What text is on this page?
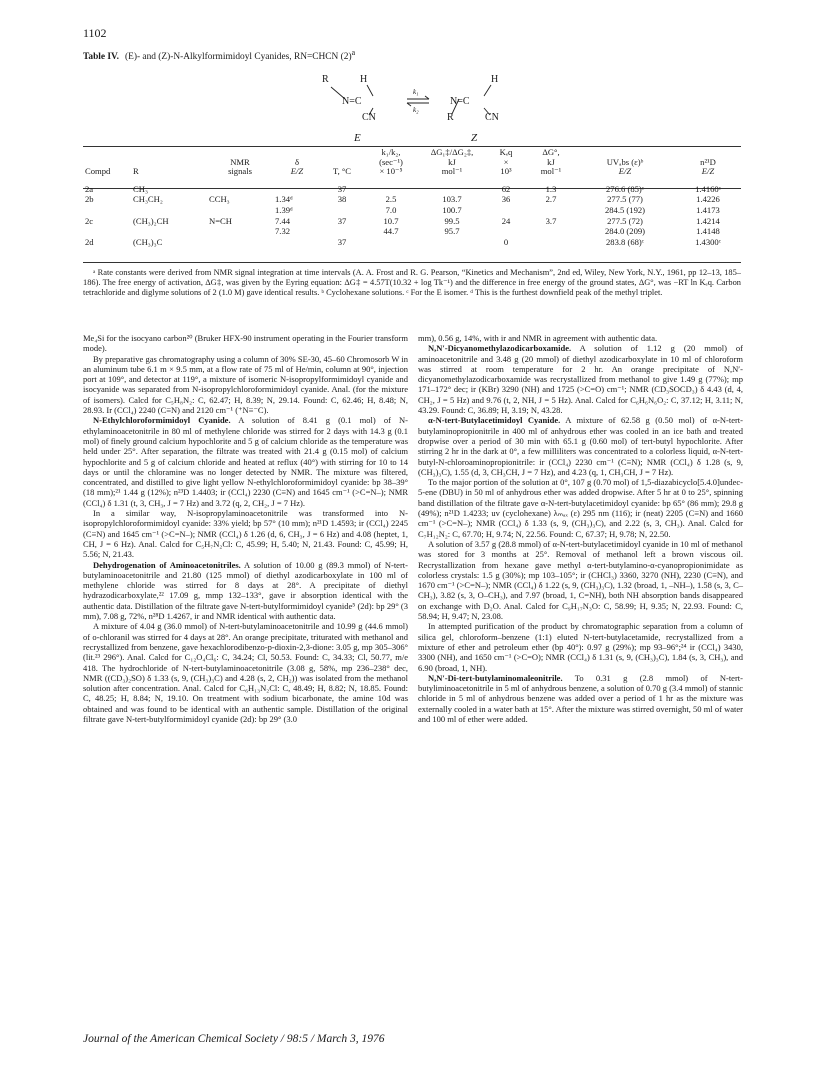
1102
Table IV. (E)- and (Z)-N-Alkylformimidoyl Cyanides, RN=CHCN $(2)^a$
R	H
N=C
CN
E
k₁
k₂
N=C
H
R	CN
Z
					k₁/k₂,	ΔG₁‡/ΔG₂‡,	Kₑq	ΔG°,		
		NMR	δ		(sec⁻¹)	kJ	×	kJ	UVₐbs (ε)ᵇ	n²¹D
Compd	R	signals	E/Z	T, °C	× 10⁻⁵	mol⁻¹	10³	mol⁻¹	E/Z	E/Z
2a	CH₃			37			62	1.3	276.6 (85)ᶜ	1.4160ᶜ
2b	CH₃CH₂	CCH₃	1.34ᵈ	38	2.5	103.7	36	2.7	277.5 (77)	1.4226
			1.39ᵈ		7.0	100.7			284.5 (192)	1.4173
2c	(CH₃)₂CH	N=CH	7.44	37	10.7	99.5	24	3.7	277.5 (72)	1.4214
			7.32		44.7	95.7			284.0 (209)	1.4148
2d	(CH₃)₃C			37			0		283.8 (68)ᶜ	1.4300ᶜ
ᵃ Rate constants were derived from NMR signal integration at time intervals (A. A. Frost and R. G. Pearson, “Kinetics and Mechanism”, 2nd ed, Wiley, New York, N.Y., 1961, pp 12–13, 185–186). The free energy of activation, ΔG‡, was given by the Eyring equation: ΔG‡ = 4.57T(10.32 + log Tk⁻¹) and the difference in free energy of the ground states, ΔG°, was −RT ln Kₑq. Carbon tetrachloride and diglyme solutions of 2 (1.0 M) gave identical results. ᵇ Cyclohexane solutions. ᶜ For the E isomer. ᵈ This is the furthest downfield peak of the methyl triplet.

Me₄Si for the isocyano carbon²⁰ (Bruker HFX-90 instrument operating in the Fourier transform mode).

By preparative gas chromatography using a column of 30% SE-30, 45–60 Chromosorb W in an aluminum tube 6.1 m × 9.5 mm, at a flow rate of 75 ml of He/min, column at 90°, injection port at 109°, and detector at 119°, a mixture of isomeric N-isopropylformimidoyl cyanide and isocyanide was separated from N-isopropylchloroformimidoyl cyanide. Anal. (for the mixture of isomers). Calcd for C₅H₈N₂: C, 62.47; H, 8.39; N, 29.14. Found: C, 62.46; H, 8.48; N, 28.93. Ir (CCl₄) 2240 (C≡N) and 2120 cm⁻¹ (⁺N≡⁻C).

N-Ethylchloroformimidoyl Cyanide. A solution of 8.41 g (0.1 mol) of N-ethylaminoacetonitrile in 80 ml of methylene chloride was stirred for 2 days with 14.3 g (0.1 mol) of finely ground calcium hypochlorite and 5 g of calcium chloride as the temperature was held under 25°. After separation, the filtrate was treated with 21.4 g (0.15 mol) of calcium hypochlorite and 5 g of calcium chloride and heated at reflux (40°) with stirring for 10 to 14 days or until the chloramine was no longer detected by NMR. The mixture was filtered, concentrated, and distilled to give light yellow N-ethylchloroformimidoyl cyanide: bp 38–39° (18 mm);²¹ 1.44 g (12%); n²³D 1.4403; ir (CCl₄) 2230 (C≡N) and 1645 cm⁻¹ (>C=N–); NMR (CCl₄) δ 1.31 (t, 3, CH₃, J = 7 Hz) and 3.72 (q, 2, CH₂, J = 7 Hz).

In a similar way, N-isopropylaminoacetonitrile was transformed into N-isopropylchloroformimidoyl cyanide: 33% yield; bp 57° (10 mm); n²¹D 1.4593; ir (CCl₄) 2245 (C≡N) and 1645 cm⁻¹ (>C=N–); NMR (CCl₄) δ 1.26 (d, 6, CH₃, J = 6 Hz) and 4.08 (heptet, 1, CH, J = 6 Hz). Anal. Calcd for C₅H₇N₂Cl: C, 45.99; H, 5.40; N, 21.43. Found: C, 45.99; H, 5.56; N, 21.43.

Dehydrogenation of Aminoacetonitriles. A solution of 10.00 g (89.3 mmol) of N-tert-butylaminoacetonitrile and 21.80 (125 mmol) of diethyl azodicarboxylate in 100 ml of methylene chloride was stirred for 8 days at 28°. A precipitate of diethyl hydrazodicarboxylate,²² 17.09 g, mmp 132–133°, gave ir absorption identical with the authentic data. Distillation of the filtrate gave N-tert-butylformimidoyl cyanide⁵ (2d): bp 29° (3 mm), 7.08 g, 72%, n²⁸D 1.4267, ir and NMR identical with authentic data.

A mixture of 4.04 g (36.0 mmol) of N-tert-butylaminoacetonitrile and 10.99 g (44.6 mmol) of o-chloranil was stirred for 4 days at 28°. An orange precipitate, triturated with methanol and recrystallized from benzene, gave hexachlorodibenzo-p-dioxin-2,3-dione: 3.05 g, mp 305–306° (lit.²³ 296°). Anal. Calcd for C₁₂O₄Cl₆: C, 34.24; Cl, 50.53. Found: C, 34.33; Cl, 50.77, m/e 418. The hydrochloride of N-tert-butylaminoacetonitrile (3.08 g, 58%, mp 236–238° dec, NMR ((CD₃)₂SO) δ 1.33 (s, 9, (CH₃)₃C) and 4.28 (s, 2, CH₂)) was isolated from the methanol solution after concentration. Anal. Calcd for C₆H₁₃N₂Cl: C, 48.49; H, 8.82; N, 18.85. Found: C, 48.25; H, 8.84; N, 19.10. On treatment with sodium bicarbonate, the amine 10d was obtained and was found to be identical with an authentic sample. Distillation of the original filtrate gave N-tert-butylformimidoyl cyanide (2d): bp 29° (3.0

mm), 0.56 g, 14%, with ir and NMR in agreement with authentic data.

N,N′-Dicyanomethylazodicarboxamide. A solution of 1.12 g (20 mmol) of aminoacetonitrile and 3.48 g (20 mmol) of diethyl azodicarboxylate in 10 ml of chloroform was stirred at room temperature for 2 hr. An orange precipitate of N,N′-dicyanomethylazodicarboxamide was recrystallized from methanol to give 1.49 g (77%); mp 171–172° dec; ir (KBr) 3290 (NH) and 1725 (>C=O) cm⁻¹; NMR (CD₃SOCD₃) δ 4.43 (d, 4, CH₂, J = 5 Hz) and 9.76 (t, 2, NH, J = 5 Hz). Anal. Calcd for C₆H₆N₆O₂: C, 37.12; H, 3.11; N, 43.29. Found: C, 36.89; H, 3.19; N, 43.28.

α-N-tert-Butylacetimidoyl Cyanide. A mixture of 62.58 g (0.50 mol) of α-N-tert-butylaminopropionitrile in 400 ml of anhydrous ether was cooled in an ice bath and treated dropwise over a period of 30 min with 65.1 g (0.60 mol) of tert-butyl hypochlorite. After stirring 2 hr in the dark at 0°, a few milliliters was concentrated to a colorless liquid, α-N-tert-butyl-N-chloroaminopropionitrile: ir (CCl₄) 2230 cm⁻¹ (C≡N); NMR (CCl₄) δ 1.28 (s, 9, (CH₃)₃C), 1.55 (d, 3, CH₃CH, J = 7 Hz), and 4.23 (q, 1, CH₃CH, J = 7 Hz).

To the major portion of the solution at 0°, 107 g (0.70 mol) of 1,5-diazabicyclo[5.4.0]undec-5-ene (DBU) in 50 ml of anhydrous ether was added dropwise. After 5 hr at 0 to 25°, spinning band distillation of the filtrate gave α-N-tert-butylacetimidoyl cyanide: bp 65° (86 mm); 29.8 g (49%); n²¹D 1.4233; uv (cyclohexane) λₘₐₓ (ε) 295 nm (116); ir (neat) 2205 (C≡N) and 1660 cm⁻¹ (>C=N–); NMR (CCl₄) δ 1.33 (s, 9, (CH₃)₃C), and 2.22 (s, 3, CH₃). Anal. Calcd for C₇H₁₂N₂: C, 67.70; H, 9.74; N, 22.56. Found: C, 67.37; H, 9.78; N, 22.50.

A solution of 3.57 g (28.8 mmol) of α-N-tert-butylacetimidoyl cyanide in 10 ml of methanol was stored for 3 months at 25°. Removal of methanol left a brown viscous oil. Recrystallization from hexane gave methyl α-tert-butylamino-α-cyanopropionimidate as colorless crystals: 1.5 g (30%); mp 103–105°; ir (CHCl₃) 3360, 3270 (NH), 2230 (C≡N), and 1670 cm⁻¹ (>C=N–); NMR (CCl₄) δ 1.22 (s, 9, (CH₃)₃C), 1.32 (broad, 1, –NH–), 1.58 (s, 3, C–CH₃), 3.82 (s, 3, O–CH₃), and 7.97 (broad, 1, C=NH), both NH absorption bands disappeared on exchange with D₂O. Anal. Calcd for C₉H₁₇N₃O: C, 58.99; H, 9.35; N, 22.93. Found: C, 58.94; H, 9.47; N, 23.08.

In attempted purification of the product by chromatographic separation from a column of silica gel, chloroform–benzene (1:1) eluted N-tert-butylacetamide, recrystallized from a mixture of ether and petroleum ether (bp 40°): 0.97 g (29%); mp 93–96°;²⁴ ir (CCl₄) 3430, 3300 (NH), and 1650 cm⁻¹ (>C=O); NMR (CCl₄) δ 1.31 (s, 9, (CH₃)₃C), 1.84 (s, 3, CH₃), and 6.90 (broad, 1, NH).

N,N′-Di-tert-butylaminomaleonitrile. To 0.31 g (2.8 mmol) of N-tert-butyliminoacetonitrile in 5 ml of anhydrous benzene, a solution of 0.70 g (3.4 mmol) of stannic chloride in 5 ml of anhydrous benzene was added over a period of 1 hr as the mixture was externally cooled in a water bath at 15°. After the mixture was stirred overnight, 50 ml of water and 100 ml of ether were added.

Journal of the American Chemical Society / 98:5 / March 3, 1976
